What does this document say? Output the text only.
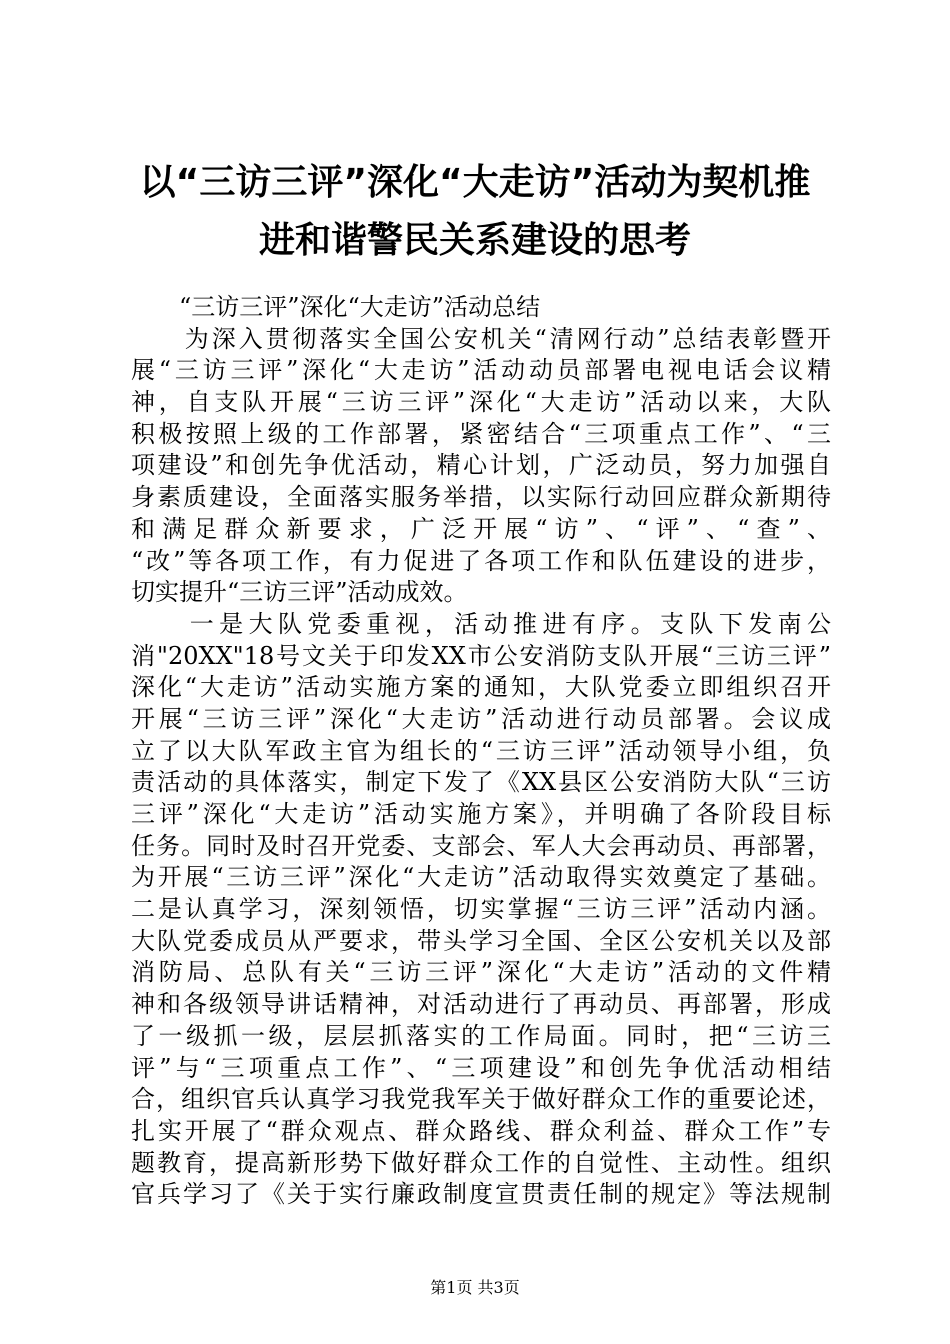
以“三访三评”深化“大走访”活动为契机推
进和谐警民关系建设的思考
　　“三访三评”深化“大走访”活动总结
　　为深入贯彻落实全国公安机关“清网行动”总结表彰暨开
展“三访三评”深化“大走访”活动动员部署电视电话会议精
神，自支队开展“三访三评”深化“大走访”活动以来，大队
积极按照上级的工作部署，紧密结合“三项重点工作”、“三
项建设”和创先争优活动，精心计划，广泛动员，努力加强自
身素质建设，全面落实服务举措，以实际行动回应群众新期待
和满足群众新要求，广泛开展“访”、“评”、“查”、
“改”等各项工作，有力促进了各项工作和队伍建设的进步，
切实提升“三访三评”活动成效。
　　一是大队党委重视，活动推进有序。支队下发南公
消"20XX"18号文关于印发XX市公安消防支队开展“三访三评”
深化“大走访”活动实施方案的通知，大队党委立即组织召开
开展“三访三评”深化“大走访”活动进行动员部署。会议成
立了以大队军政主官为组长的“三访三评”活动领导小组，负
责活动的具体落实，制定下发了《XX县区公安消防大队“三访
三评”深化“大走访”活动实施方案》，并明确了各阶段目标
任务。同时及时召开党委、支部会、军人大会再动员、再部署，
为开展“三访三评”深化“大走访”活动取得实效奠定了基础。
二是认真学习，深刻领悟，切实掌握“三访三评”活动内涵。
大队党委成员从严要求，带头学习全国、全区公安机关以及部
消防局、总队有关“三访三评”深化“大走访”活动的文件精
神和各级领导讲话精神，对活动进行了再动员、再部署，形成
了一级抓一级，层层抓落实的工作局面。同时，把“三访三
评”与“三项重点工作”、“三项建设”和创先争优活动相结
合，组织官兵认真学习我党我军关于做好群众工作的重要论述，
扎实开展了“群众观点、群众路线、群众利益、群众工作”专
题教育，提高新形势下做好群众工作的自觉性、主动性。组织
官兵学习了《关于实行廉政制度宣贯责任制的规定》等法规制
第1页 共3页
